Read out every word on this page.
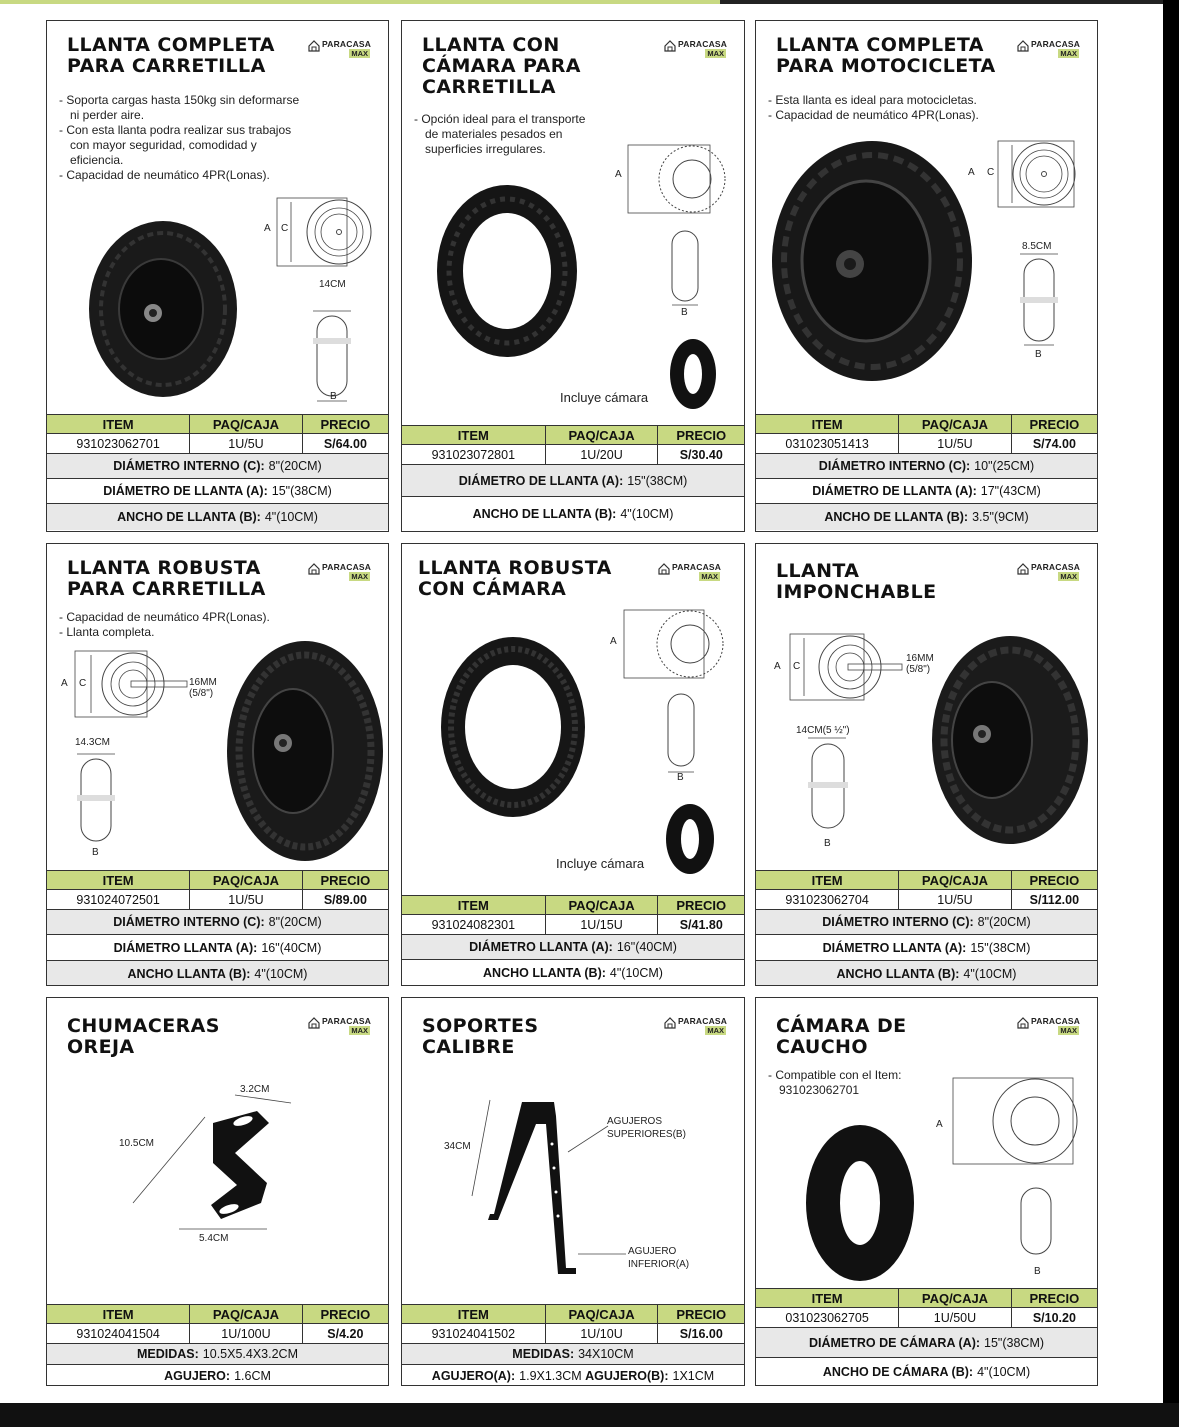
LLANTA COMPLETA
PARA CARRETILLA
PARACASA
MAX
- Soporta cargas hasta 150kg sin deformarse ni perder aire.
- Con esta llanta podra realizar sus trabajos con mayor seguridad, comodidad y eficiencia.
- Capacidad de neumático 4PR(Lonas).
A C
14CM
B
ITEM	PAQ/CAJA	PRECIO
931023062701	1U/5U	S/64.00
DIÁMETRO INTERNO (C): 8"(20CM)
DIÁMETRO DE LLANTA (A): 15"(38CM)
ANCHO DE LLANTA (B): 4"(10CM)
LLANTA CON
CÁMARA PARA
CARRETILLA
PARACASA
MAX
- Opción ideal para el transporte de materiales pesados en superficies irregulares.
A
B
Incluye cámara
ITEM	PAQ/CAJA	PRECIO
931023072801	1U/20U	S/30.40
DIÁMETRO DE LLANTA (A): 15"(38CM)
ANCHO DE LLANTA (B): 4"(10CM)
LLANTA COMPLETA
PARA MOTOCICLETA
PARACASA
MAX
- Esta llanta es ideal para motocicletas.
- Capacidad de neumático 4PR(Lonas).
A C
8.5CM
B
ITEM	PAQ/CAJA	PRECIO
031023051413	1U/5U	S/74.00
DIÁMETRO INTERNO (C): 10"(25CM)
DIÁMETRO DE LLANTA (A): 17"(43CM)
ANCHO DE LLANTA (B): 3.5"(9CM)
LLANTA ROBUSTA
PARA CARRETILLA
PARACASA
MAX
- Capacidad de neumático 4PR(Lonas).
- Llanta completa.
A C	16MM
(5/8")
14.3CM
B
ITEM	PAQ/CAJA	PRECIO
931024072501	1U/5U	S/89.00
DIÁMETRO INTERNO (C): 8"(20CM)
DIÁMETRO LLANTA (A): 16"(40CM)
ANCHO LLANTA (B): 4"(10CM)
LLANTA ROBUSTA
CON CÁMARA
PARACASA
MAX
A
B
Incluye cámara
ITEM	PAQ/CAJA	PRECIO
931024082301	1U/15U	S/41.80
DIÁMETRO LLANTA (A): 16"(40CM)
ANCHO LLANTA (B): 4"(10CM)
LLANTA
IMPONCHABLE
PARACASA
MAX
A C
16MM
(5/8")
14CM(5 ½")
B
ITEM	PAQ/CAJA	PRECIO
931023062704	1U/5U	S/112.00
DIÁMETRO INTERNO (C): 8"(20CM)
DIÁMETRO LLANTA (A): 15"(38CM)
ANCHO LLANTA (B): 4"(10CM)
CHUMACERAS
OREJA
PARACASA
MAX
3.2CM
10.5CM
5.4CM
ITEM	PAQ/CAJA	PRECIO
931024041504	1U/100U	S/4.20
MEDIDAS: 10.5X5.4X3.2CM
AGUJERO: 1.6CM
SOPORTES
CALIBRE
PARACASA
MAX
34CM
AGUJEROS
SUPERIORES(B)
AGUJERO
INFERIOR(A)
ITEM	PAQ/CAJA	PRECIO
931024041502	1U/10U	S/16.00
MEDIDAS: 34X10CM
AGUJERO(A): 1.9X1.3CM
AGUJERO(B): 1X1CM
CÁMARA DE
CAUCHO
PARACASA
MAX
- Compatible con el Item: 931023062701
A
B
ITEM	PAQ/CAJA	PRECIO
031023062705	1U/50U	S/10.20
DIÁMETRO DE CÁMARA (A): 15"(38CM)
ANCHO DE CÁMARA (B): 4"(10CM)
